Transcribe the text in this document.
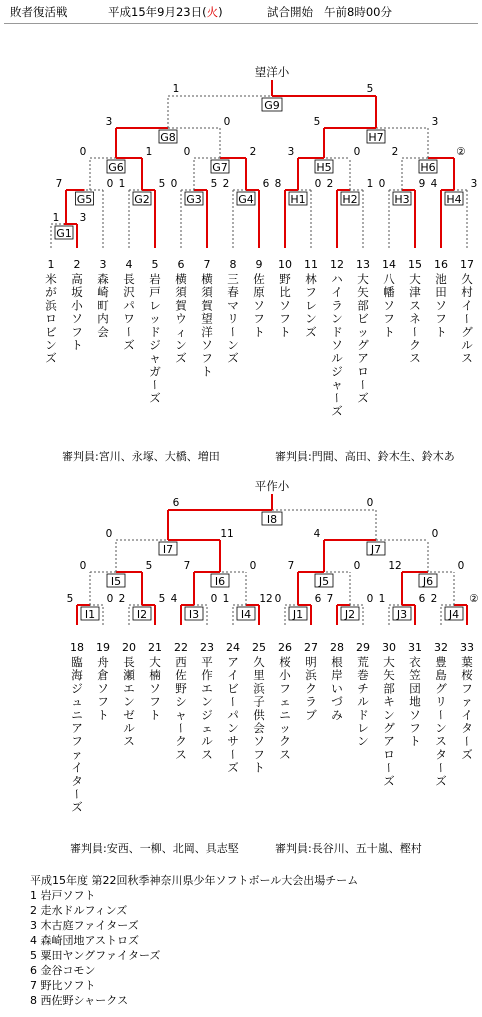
敗者復活戦	平成15年9月23日(火)	試合開始 午前8時00分
1
米
が
浜
ロ
ビ
ン
ズ
2
高
坂
小
ソ
フ
ト
3
森
崎
町
内
会
4
長
沢
パ
ワ
ー
ズ
5
岩
戸
レ
ッ
ド
ジ
ャ
ガ
ー
ズ
6
横
須
賀
ウ
ィ
ン
ズ
7
横
須
賀
望
洋
ソ
フ
ト
8
三
春
マ
リ
ー
ン
ズ
9
佐
原
ソ
フ
ト
10
野
比
ソ
フ
ト
11
林
フ
レ
ン
ズ
12
ハ
イ
ラ
ン
ド
ソ
ル
ジ
ャ
ー
ズ
13
大
矢
部
ビ
ッ
グ
ア
ロ
ー
ズ
14
八
幡
ソ
フ
ト
15
大
津
ス
ネ
ー
ク
ス
16
池
田
ソ
フ
ト
17
久
村
イ
ー
グ
ル
ス
G1
1 3
G5
7	0
G2
1	5
G6
0	1
G3
0	5
G4
2	6
G7
0	2
G8
3	0
H1
8	0
H2
2	1
H5
3	0
H3
0	9
H4
4	3
H6
2	②
H7
5	3
1	5
G9
望洋小
審判員:宮川、永塚、大橋、増田	審判員:門間、高田、鈴木生、鈴木あ
18
臨
海
ジ
ュ
ニ
ア
フ
ァ
イ
タ
ー
ズ
19
舟
倉
ソ
フ
ト
20
長
瀬
エ
ン
ゼ
ル
ス
21
大
楠
ソ
フ
ト
22
西
佐
野
シ
ャ
ー
ク
ス
23
平
作
エ
ン
ジ
ェ
ル
ス
24
ア
イ
ビ
ー
パ
ン
サ
ー
ズ
25
久
里
浜
子
供
会
ソ
フ
ト
26
桜
小
フ
ェ
ニ
ッ
ク
ス
27
明
浜
ク
ラ
ブ
28
根
岸
い
づ
み
29
荒
巻
チ
ル
ド
レ
ン
30
大
矢
部
キ
ン
グ
ア
ロ
ー
ズ
31
衣
笠
団
地
ソ
フ
ト
32
豊
島
グ
リ
ー
ン
ス
タ
ー
ズ
33
葉
桜
フ
ァ
イ
タ
ー
ズ
I1
5	0
I2
2	5
I5
0	5
I3
4	0
I4
1	12
I6
7	0
I7
0	11
J1
0	6
J2
7	0
J5
7	0
J3
1	6
J4
2	②
J6
12	0
J7
4	0
6	0
I8
平作小
審判員:安西、一柳、北岡、具志堅	審判員:長谷川、五十嵐、樫村
平成15年度 第22回秋季神奈川県少年ソフトボール大会出場チーム
1 岩戸ソフト
2 走水ドルフィンズ
3 木古庭ファイターズ
4 森崎団地アストロズ
5 粟田ヤングファイターズ
6 金谷コモン
7 野比ソフト
8 西佐野シャークス
